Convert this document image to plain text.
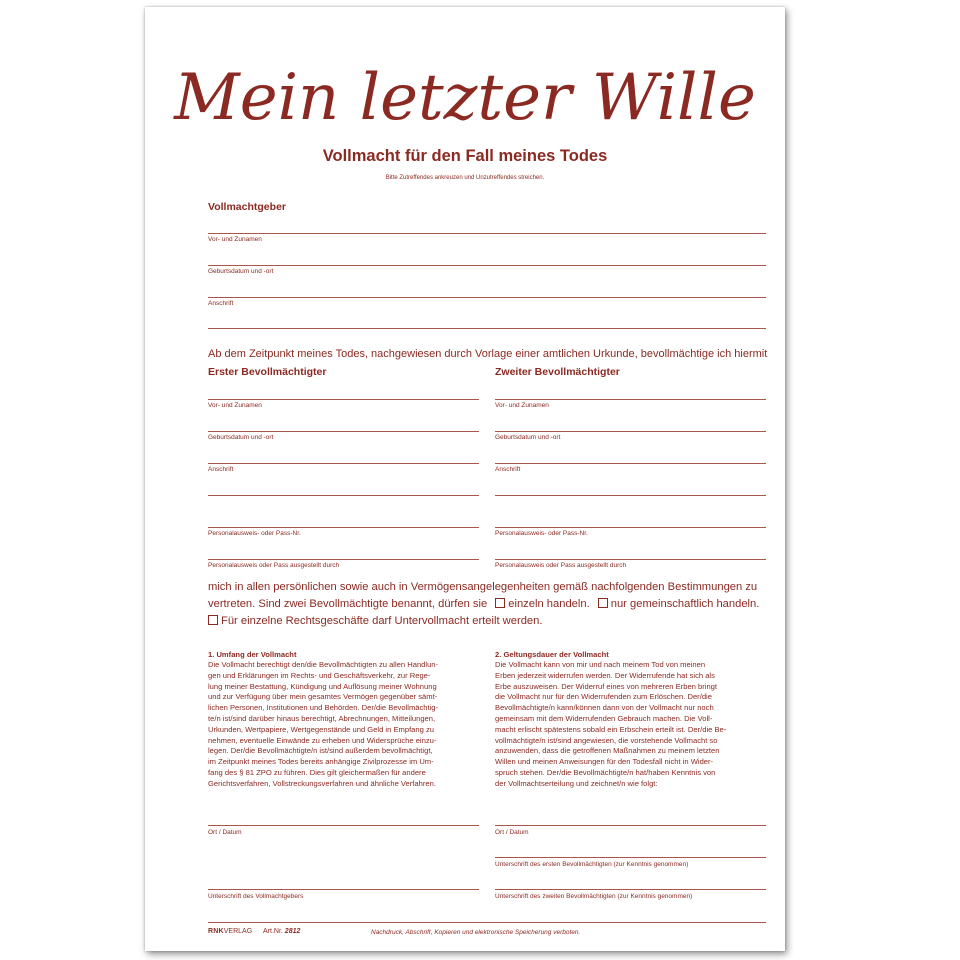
Mein letzter Wille
Vollmacht für den Fall meines Todes
Bitte Zutreffendes ankreuzen und Unzutreffendes streichen.
Vollmachtgeber
Vor- und Zunamen
Geburtsdatum und -ort
Anschrift
Ab dem Zeitpunkt meines Todes, nachgewiesen durch Vorlage einer amtlichen Urkunde, bevollmächtige ich hiermit
Erster Bevollmächtigter
Vor- und Zunamen
Geburtsdatum und -ort
Anschrift
Personalausweis- oder Pass-Nr.
Personalausweis oder Pass ausgestellt durch
Zweiter Bevollmächtigter
Vor- und Zunamen
Geburtsdatum und -ort
Anschrift
Personalausweis- oder Pass-Nr.
Personalausweis oder Pass ausgestellt durch
mich in allen persönlichen sowie auch in Vermögensangelegenheiten gemäß nachfolgenden Bestimmungen zu
vertreten. Sind zwei Bevollmächtigte benannt, dürfen sie einzeln handeln. nur gemeinschaftlich handeln.
Für einzelne Rechtsgeschäfte darf Untervollmacht erteilt werden.
1. Umfang der Vollmacht
Die Vollmacht berechtigt den/die Bevollmächtigten zu allen Handlun-
gen und Erklärungen im Rechts- und Geschäftsverkehr, zur Rege-
lung meiner Bestattung, Kündigung und Auflösung meiner Wohnung
und zur Verfügung über mein gesamtes Vermögen gegenüber sämt-
lichen Personen, Institutionen und Behörden. Der/die Bevollmächtig-
te/n ist/sind darüber hinaus berechtigt, Abrechnungen, Mitteilungen,
Urkunden, Wertpapiere, Wertgegenstände und Geld in Empfang zu
nehmen, eventuelle Einwände zu erheben und Widersprüche einzu-
legen. Der/die Bevollmächtigte/n ist/sind außerdem bevollmächtigt,
im Zeitpunkt meines Todes bereits anhängige Zivilprozesse im Um-
fang des § 81 ZPO zu führen. Dies gilt gleichermaßen für andere
Gerichtsverfahren, Vollstreckungsverfahren und ähnliche Verfahren.
2. Geltungsdauer der Vollmacht
Die Vollmacht kann von mir und nach meinem Tod von meinen
Erben jederzeit widerrufen werden. Der Widerrufende hat sich als
Erbe auszuweisen. Der Widerruf eines von mehreren Erben bringt
die Vollmacht nur für den Widerrufenden zum Erlöschen. Der/die
Bevollmächtigte/n kann/können dann von der Vollmacht nur noch
gemeinsam mit dem Widerrufenden Gebrauch machen. Die Voll-
macht erlischt spätestens sobald ein Erbschein erteilt ist. Der/die Be-
vollmächtigte/n ist/sind angewiesen, die vorstehende Vollmacht so
anzuwenden, dass die getroffenen Maßnahmen zu meinem letzten
Willen und meinen Anweisungen für den Todesfall nicht in Wider-
spruch stehen. Der/die Bevollmächtigte/n hat/haben Kenntnis von
der Vollmachtserteilung und zeichnet/n wie folgt:
Ort / Datum	Ort / Datum
Unterschrift des ersten Bevollmächtigten (zur Kenntnis genommen)
Unterschrift des Vollmachtgebers	Unterschrift des zweiten Bevollmächtigten (zur Kenntnis genommen)
RNKVERLAG Art.Nr. 2812	Nachdruck, Abschrift, Kopieren und elektronische Speicherung verboten.
